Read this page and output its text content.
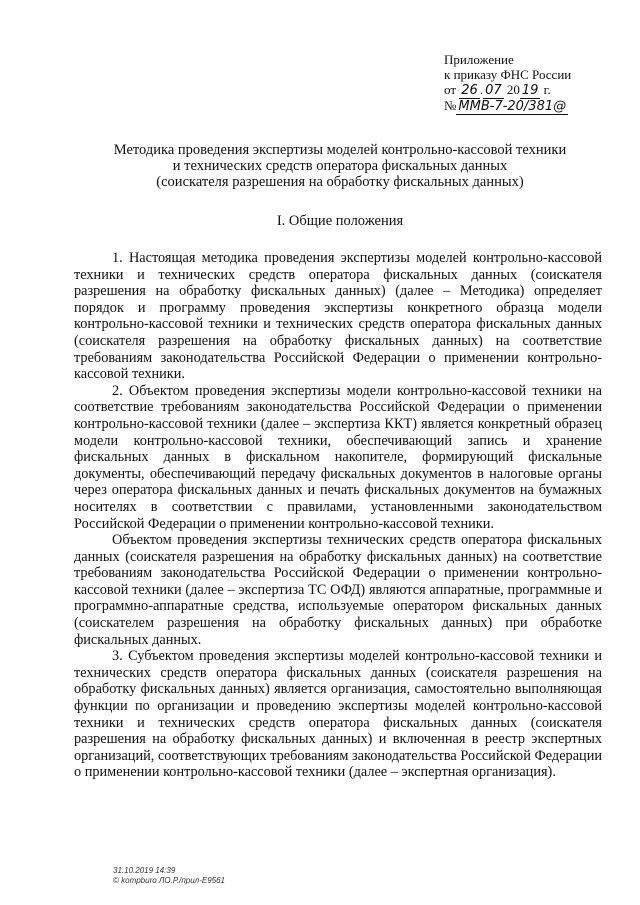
Приложение
к приказу ФНС России
от 26 . 07 20 19 г.
№ ММВ-7-20/381@
Методика проведения экспертизы моделей контрольно-кассовой техники
и технических средств оператора фискальных данных
(соискателя разрешения на обработку фискальных данных)
I. Общие положения

1. Настоящая методика проведения экспертизы моделей контрольно-кассовой техники и технических средств оператора фискальных данных (соискателя разрешения на обработку фискальных данных) (далее – Методика) определяет порядок и программу проведения экспертизы конкретного образца модели контрольно-кассовой техники и технических средств оператора фискальных данных (соискателя разрешения на обработку фискальных данных) на соответствие требованиям законодательства Российской Федерации о применении контрольно-кассовой техники.

2. Объектом проведения экспертизы модели контрольно-кассовой техники на соответствие требованиям законодательства Российской Федерации о применении контрольно-кассовой техники (далее – экспертиза ККТ) является конкретный образец модели контрольно-кассовой техники, обеспечивающий запись и хранение фискальных данных в фискальном накопителе, формирующий фискальные документы, обеспечивающий передачу фискальных документов в налоговые органы через оператора фискальных данных и печать фискальных документов на бумажных носителях в соответствии с правилами, установленными законодательством Российской Федерации о применении контрольно-кассовой техники.

Объектом проведения экспертизы технических средств оператора фискальных данных (соискателя разрешения на обработку фискальных данных) на соответствие требованиям законодательства Российской Федерации о применении контрольно-кассовой техники (далее – экспертиза ТС ОФД) являются аппаратные, программные и программно-аппаратные средства, используемые оператором фискальных данных (соискателем разрешения на обработку фискальных данных) при обработке фискальных данных.

3. Субъектом проведения экспертизы моделей контрольно-кассовой техники и технических средств оператора фискальных данных (соискателя разрешения на обработку фискальных данных) является организация, самостоятельно выполняющая функции по организации и проведению экспертизы моделей контрольно-кассовой техники и технических средств оператора фискальных данных (соискателя разрешения на обработку фискальных данных) и включенная в реестр экспертных организаций, соответствующих требованиям законодательства Российской Федерации о применении контрольно-кассовой техники (далее – экспертная организация).

31.10.2019 14:39
© kompburo ЛО.Р./прил-Е9561
